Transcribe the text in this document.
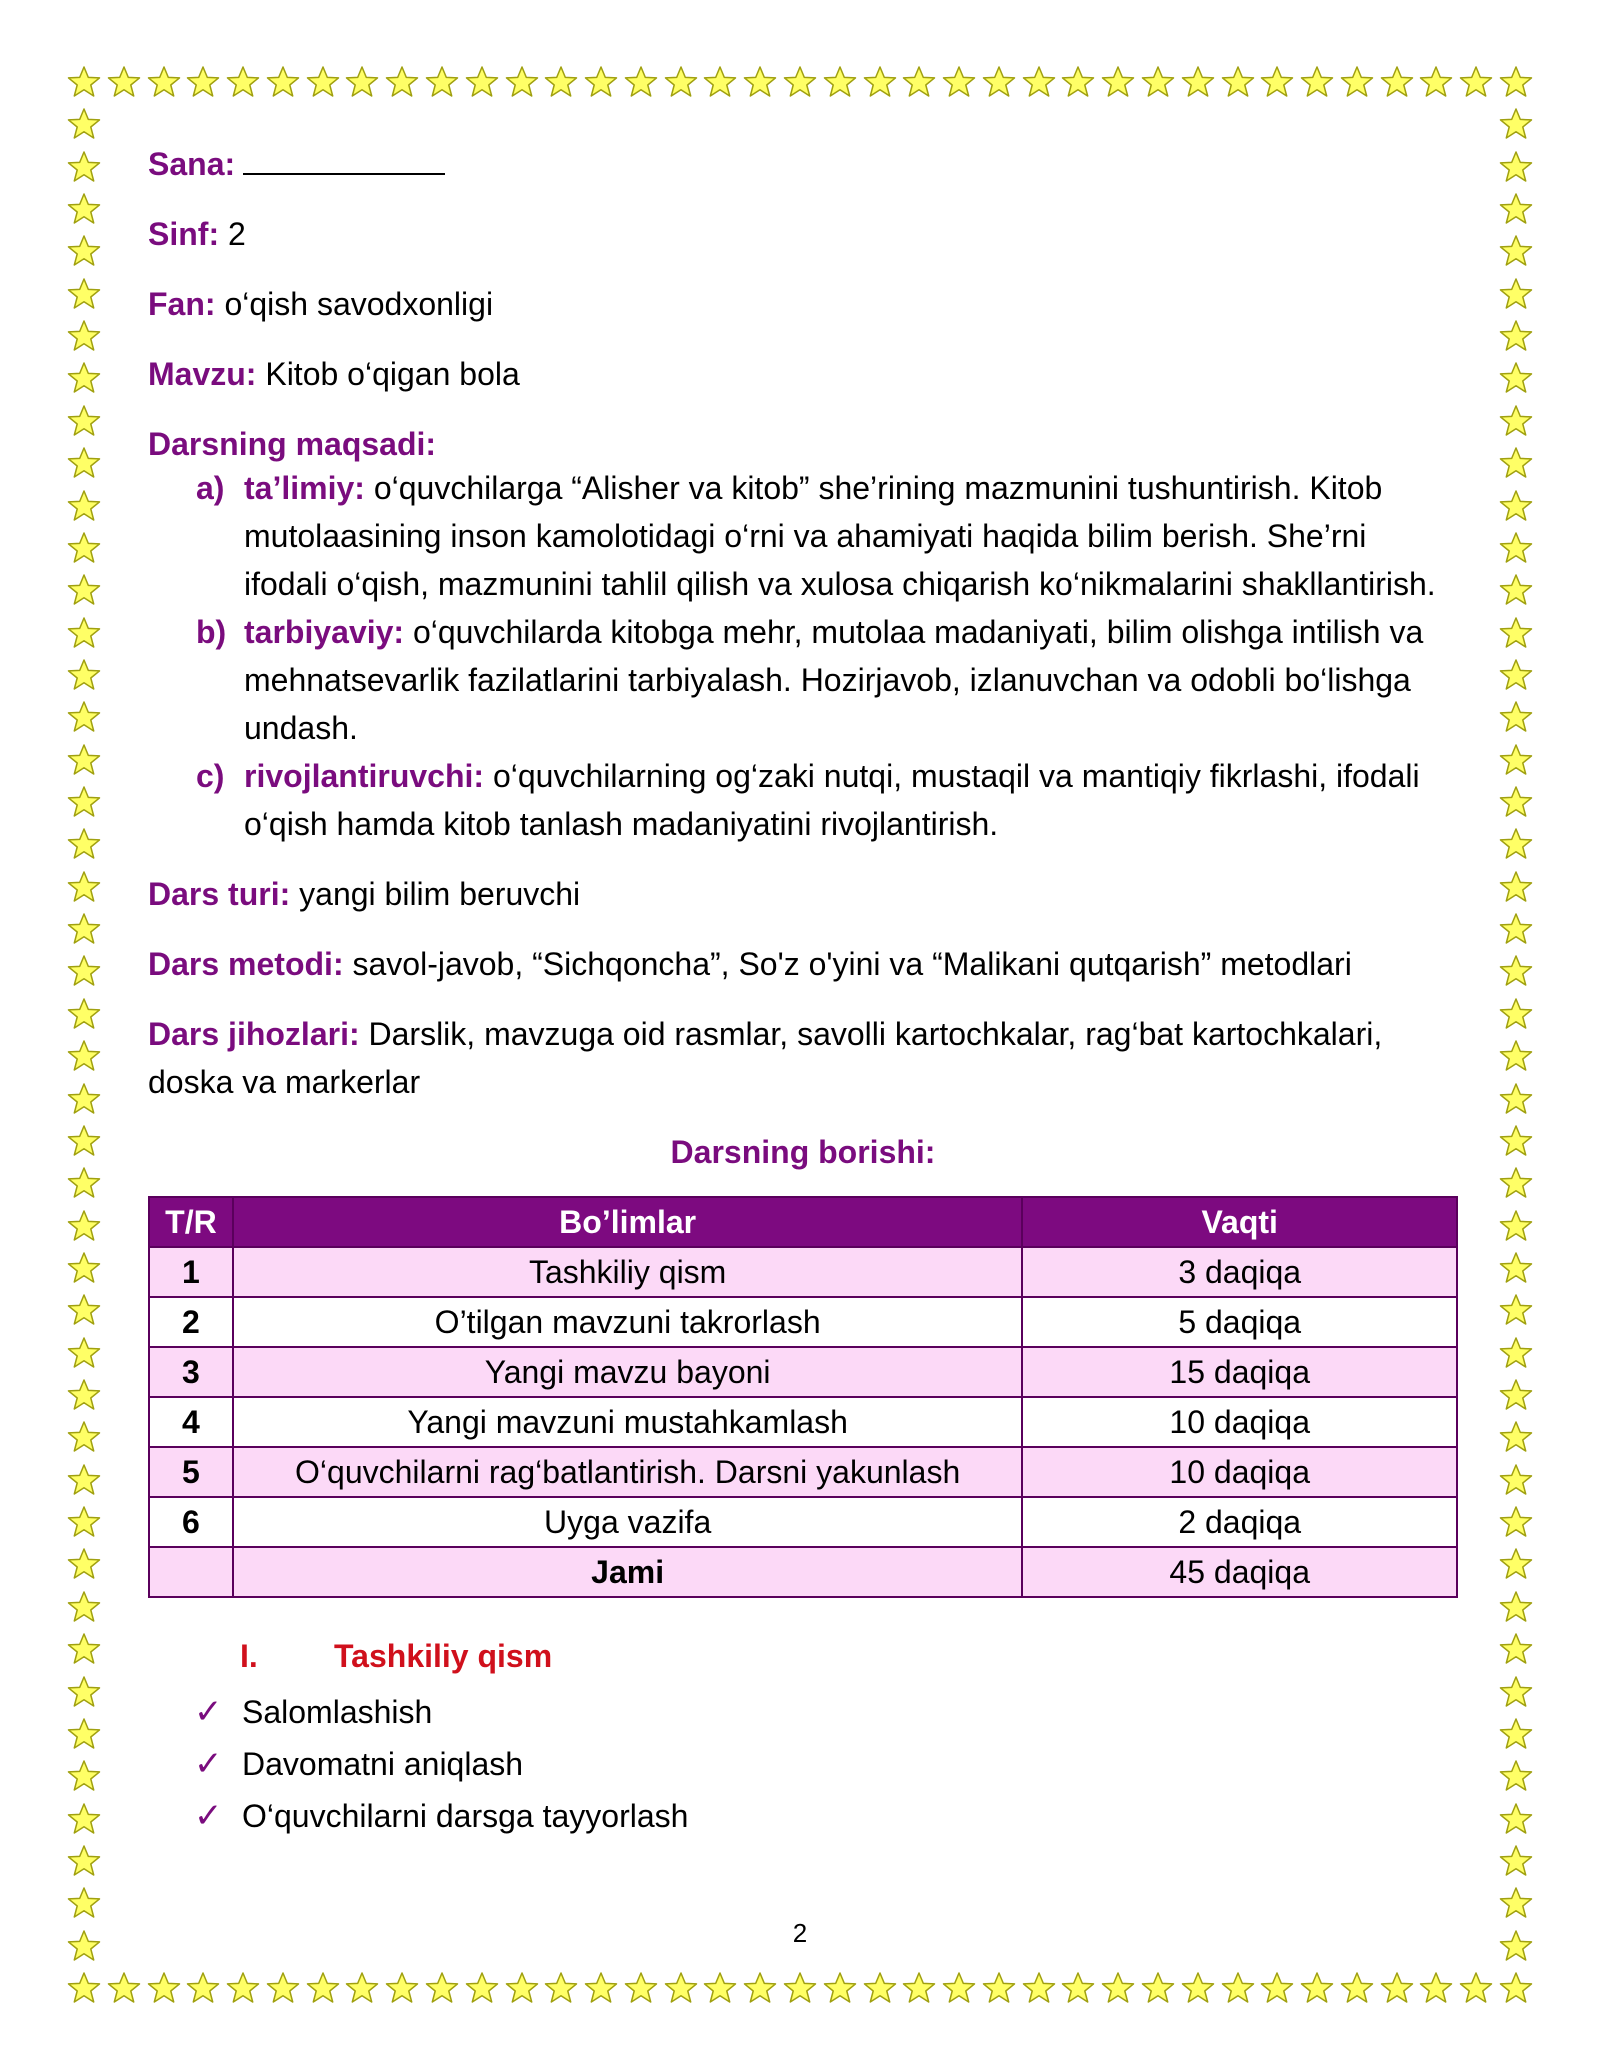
Sana:

Sinf: 2

Fan: o‘qish savodxonligi

Mavzu: Kitob o‘qigan bola

Darsning maqsadi:

a) ta’limiy: o‘quvchilarga “Alisher va kitob” she’rining mazmunini tushuntirish. Kitob mutolaasining inson kamolotidagi o‘rni va ahamiyati haqida bilim berish. She’rni ifodali o‘qish, mazmunini tahlil qilish va xulosa chiqarish ko‘nikmalarini shakllantirish.
b) tarbiyaviy: o‘quvchilarda kitobga mehr, mutolaa madaniyati, bilim olishga intilish va mehnatsevarlik fazilatlarini tarbiyalash. Hozirjavob, izlanuvchan va odobli bo‘lishga undash.
c) rivojlantiruvchi: o‘quvchilarning og‘zaki nutqi, mustaqil va mantiqiy fikrlashi, ifodali o‘qish hamda kitob tanlash madaniyatini rivojlantirish.

Dars turi: yangi bilim beruvchi

Dars metodi: savol-javob, “Sichqoncha”, So'z o'yini va “Malikani qutqarish” metodlari

Dars jihozlari: Darslik, mavzuga oid rasmlar, savolli kartochkalar, rag‘bat kartochkalari, doska va markerlar

Darsning borishi:
T/R	Bo’limlar	Vaqti
1	Tashkiliy qism	3 daqiqa
2	O’tilgan mavzuni takrorlash	5 daqiqa
3	Yangi mavzu bayoni	15 daqiqa
4	Yangi mavzuni mustahkamlash	10 daqiqa
5	O‘quvchilarni rag‘batlantirish. Darsni yakunlash	10 daqiqa
6	Uyga vazifa	2 daqiqa
	Jami	45 daqiqa
I.	Tashkiliy qism
✓ Salomlashish
✓ Davomatni aniqlash
✓ O‘quvchilarni darsga tayyorlash
2
